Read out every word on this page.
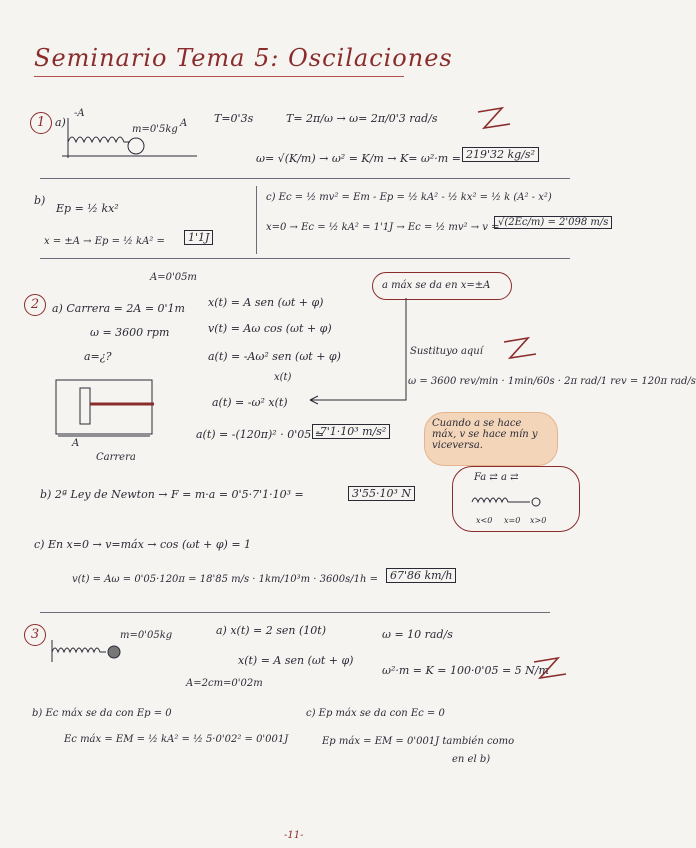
Seminario Tema 5: Oscilaciones
1 a)
-A
A
m=0'5kg
T=0'3s	T= 2π/ω → ω= 2π/0'3 rad/s
ω= √(K/m) → ω² = K/m → K= ω²·m = 219'32 kg/s²
b)
Ep = ½ kx²
x = ±A → Ep = ½ kA² =	1'1J
c) Ec = ½ mv² = Em - Ep = ½ kA² - ½ kx² = ½ k (A² - x²)
x=0 → Ec = ½ kA² = 1'1J → Ec = ½ mv² → v =
√(2Ec/m) = 2'098 m/s
2
A=0'05m
a) Carrera = 2A = 0'1m
ω = 3600 rpm
a=¿?
x(t) = A sen (ωt + φ)
v(t) = Aω cos (ωt + φ)
a(t) = -Aω² sen (ωt + φ)
x(t)
a(t) = -ω² x(t)
a(t) = -(120π)² · 0'05 =
-7'1·10³ m/s²
a máx se da en x=±A
Sustituyo aquí
ω = 3600 rev/min · 1min/60s · 2π rad/1 rev = 120π rad/s
A
Carrera
Cuando a se hace máx, v se hace mín y viceversa.
Fa ⇄ a ⇄
x<0 x=0 x>0
b) 2ª Ley de Newton → F = m·a = 0'5·7'1·10³ =	3'55·10³ N
c) En x=0 → v=máx → cos (ωt + φ) = 1
v(t) = Aω = 0'05·120π = 18'85 m/s · 1km/10³m · 3600s/1h =	67'86 km/h
3	m=0'05kg
A=2cm=0'02m
a) x(t) = 2 sen (10t)
x(t) = A sen (ωt + φ)
ω = 10 rad/s
ω²·m = K = 100·0'05 = 5 N/m
b) Ec máx se da con Ep = 0
Ec máx = EM = ½ kA² = ½ 5·0'02² = 0'001J
c) Ep máx se da con Ec = 0
Ep máx = EM = 0'001J también como
en el b)
-11-
